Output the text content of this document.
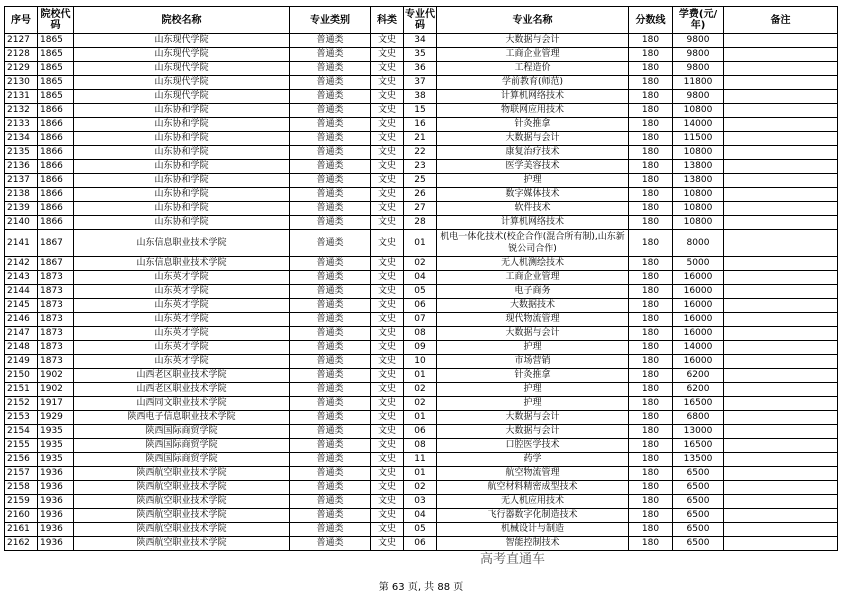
序号	院校代码	院校名称	专业类别	科类	专业代码	专业名称	分数线	学费(元/年)	备注
2127	1865	山东现代学院	普通类	文史	34	大数据与会计	180	9800	
2128	1865	山东现代学院	普通类	文史	35	工商企业管理	180	9800	
2129	1865	山东现代学院	普通类	文史	36	工程造价	180	9800	
2130	1865	山东现代学院	普通类	文史	37	学前教育(师范)	180	11800	
2131	1865	山东现代学院	普通类	文史	38	计算机网络技术	180	9800	
2132	1866	山东协和学院	普通类	文史	15	物联网应用技术	180	10800	
2133	1866	山东协和学院	普通类	文史	16	针灸推拿	180	14000	
2134	1866	山东协和学院	普通类	文史	21	大数据与会计	180	11500	
2135	1866	山东协和学院	普通类	文史	22	康复治疗技术	180	10800	
2136	1866	山东协和学院	普通类	文史	23	医学美容技术	180	13800	
2137	1866	山东协和学院	普通类	文史	25	护理	180	13800	
2138	1866	山东协和学院	普通类	文史	26	数字媒体技术	180	10800	
2139	1866	山东协和学院	普通类	文史	27	软件技术	180	10800	
2140	1866	山东协和学院	普通类	文史	28	计算机网络技术	180	10800	
2141	1867	山东信息职业技术学院	普通类	文史	01	机电一体化技术(校企合作(混合所有制),山东新锐公司合作)	180	8000	
2142	1867	山东信息职业技术学院	普通类	文史	02	无人机测绘技术	180	5000	
2143	1873	山东英才学院	普通类	文史	04	工商企业管理	180	16000	
2144	1873	山东英才学院	普通类	文史	05	电子商务	180	16000	
2145	1873	山东英才学院	普通类	文史	06	大数据技术	180	16000	
2146	1873	山东英才学院	普通类	文史	07	现代物流管理	180	16000	
2147	1873	山东英才学院	普通类	文史	08	大数据与会计	180	16000	
2148	1873	山东英才学院	普通类	文史	09	护理	180	14000	
2149	1873	山东英才学院	普通类	文史	10	市场营销	180	16000	
2150	1902	山西老区职业技术学院	普通类	文史	01	针灸推拿	180	6200	
2151	1902	山西老区职业技术学院	普通类	文史	02	护理	180	6200	
2152	1917	山西同文职业技术学院	普通类	文史	02	护理	180	16500	
2153	1929	陕西电子信息职业技术学院	普通类	文史	01	大数据与会计	180	6800	
2154	1935	陕西国际商贸学院	普通类	文史	06	大数据与会计	180	13000	
2155	1935	陕西国际商贸学院	普通类	文史	08	口腔医学技术	180	16500	
2156	1935	陕西国际商贸学院	普通类	文史	11	药学	180	13500	
2157	1936	陕西航空职业技术学院	普通类	文史	01	航空物流管理	180	6500	
2158	1936	陕西航空职业技术学院	普通类	文史	02	航空材料精密成型技术	180	6500	
2159	1936	陕西航空职业技术学院	普通类	文史	03	无人机应用技术	180	6500	
2160	1936	陕西航空职业技术学院	普通类	文史	04	飞行器数字化制造技术	180	6500	
2161	1936	陕西航空职业技术学院	普通类	文史	05	机械设计与制造	180	6500	
2162	1936	陕西航空职业技术学院	普通类	文史	06	智能控制技术	180	6500	
第 63 页, 共 88 页
高考直通车
